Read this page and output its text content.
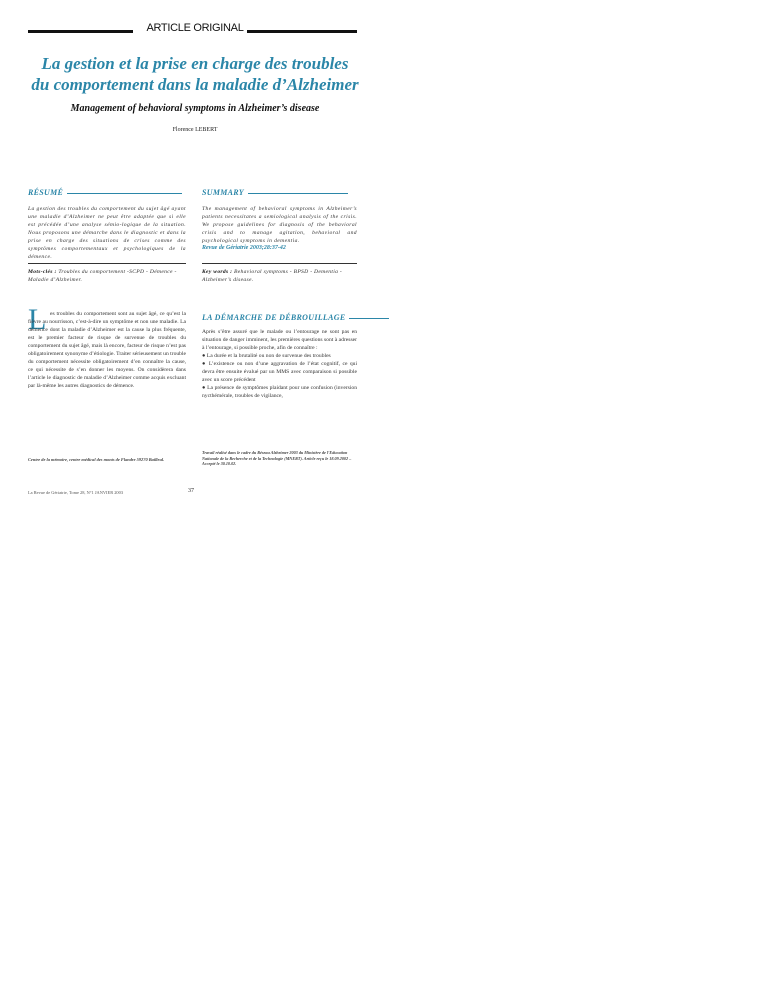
ARTICLE ORIGINAL
La gestion et la prise en charge des troubles
du comportement dans la maladie d’Alzheimer
Management of behavioral symptoms in Alzheimer’s disease
Florence LEBERT
RÉSUMÉ
La gestion des troubles du comportement du sujet âgé ayant une maladie d’Alzheimer ne peut être adaptée que si elle est précédée d’une analyse sémio-logique de la situation. Nous proposons une démarche dans le diagnostic et dans la prise en charge des situations de crises comme des symptômes comportementaux et psychologiques de la démence.
Mots-clés : Troubles du comportement -SCPD - Démence - Maladie d’Alzheimer.
SUMMARY
The management of behavioral symptoms in Alzheimer’s patients necessitates a semiological analysis of the crisis. We propose guidelines for diagnosis of the behavioral crisis and to manage agitation, behavioral and psychological symptoms in dementia.
Revue de Gériatrie 2003;28:37-42
Key words : Behavioral symptoms - BPSD - Dementia - Alzheimer’s disease.
L es troubles du comportement sont au sujet âgé, ce qu’est la fièvre au nourrisson, c’est-à-dire un symptôme et non une maladie. La démence dont la maladie d’Alzheimer est la cause la plus fréquente, est le premier facteur de risque de survenue de troubles du comportement du sujet âgé, mais là encore, facteur de risque n’est pas obligatoirement synonyme d’étiologie. Traiter sérieusement un trouble du comportement nécessite obligatoirement d’en connaître la cause, ce qui nécessite de s’en donner les moyens. On considèrera dans l’article le diagnostic de maladie d’Alzheimer comme acquis excluant par là-même les autres diagnostics de démence.
LA DÉMARCHE DE DÉBROUILLAGE

Après s’être assuré que le malade ou l’entourage ne sont pas en situation de danger imminent, les premières questions sont à adresser à l’entourage, si possible proche, afin de connaître :

● La durée et la brutalité ou non de survenue des troubles

● L’existence ou non d’une aggravation de l’état cognitif, ce qui devra être ensuite évalué par un MMS avec comparaison si possible avec un score précédent

● La présence de symptômes plaidant pour une confusion (inversion nycthémérale, troubles de vigilance,

Travail réalisé dans le cadre du Réseau Alzheimer 2003 du Ministère de l’Education Nationale de la Recherche et de la Technologie (MNERT). Article reçu le 18.09.2002 – Accepté le 30.10.02.
Centre de la mémoire, centre médical des monts de Flandre 59270 Bailleul.
La Revue de Gériatrie, Tome 28, N°1 JANVIER 2003	37
